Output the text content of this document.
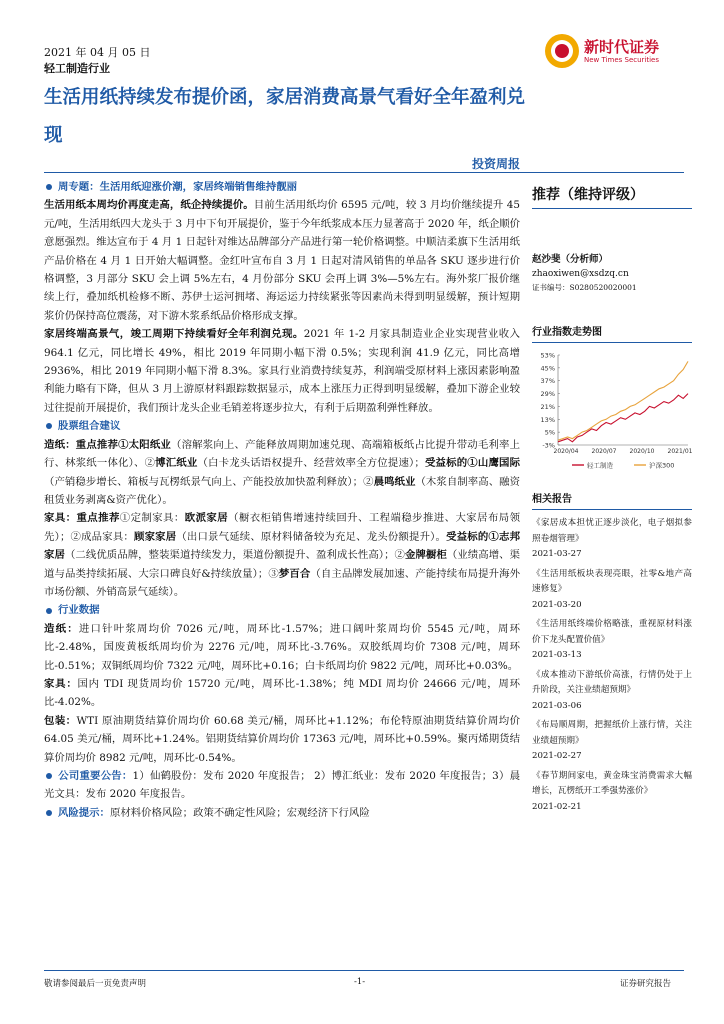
2021 年 04 月 05 日
轻工制造行业
新时代证券
New Times Securities
生活用纸持续发布提价函，家居消费高景气看好全年盈利兑现
投资周报
周专题： 生活用纸迎涨价潮，家居终端销售维持靓丽

生活用纸本周均价再度走高，纸企持续提价。目前生活用纸均价 6595 元/吨，较 3 月均价继续提升 45 元/吨，生活用纸四大龙头于 3 月中下旬开展提价，鉴于今年纸浆成本压力显著高于 2020 年，纸企顺价意愿强烈。维达宣布于 4 月 1 日起针对维达品牌部分产品进行第一轮价格调整。中顺洁柔旗下生活用纸产品价格在 4 月 1 日开始大幅调整。金红叶宣布自 3 月 1 日起对清风销售的单品各 SKU 逐步进行价格调整，3 月部分 SKU 会上调 5%左右，4 月份部分 SKU 会再上调 3%—5%左右。海外浆厂报价继续上行，叠加纸机检修不断、苏伊士运河拥堵、海运运力持续紧张等因素尚未得到明显缓解，预计短期浆价仍保持高位震荡，对下游木浆系纸品价格形成支撑。

家居终端高景气，竣工周期下持续看好全年利润兑现。2021 年 1-2 月家具制造业企业实现营业收入 964.1 亿元，同比增长 49%，相比 2019 年同期小幅下滑 0.5%；实现利润 41.9 亿元，同比高增 2936%，相比 2019 年同期小幅下滑 8.3%。家具行业消费持续复苏，利润端受原材料上涨因素影响盈利能力略有下降，但从 3 月上游原材料跟踪数据显示，成本上涨压力正得到明显缓解，叠加下游企业较过往提前开展提价，我们预计龙头企业毛销差将逐步拉大，有利于后期盈利弹性释放。

股票组合建议

造纸：重点推荐①太阳纸业（溶解浆向上、产能释放周期加速兑现、高端箱板纸占比提升带动毛利率上行、林浆纸一体化）、②博汇纸业（白卡龙头话语权提升、经营效率全方位提速）；受益标的①山鹰国际（产销稳步增长、箱板与瓦楞纸景气向上、产能投放加快盈利释放）；②晨鸣纸业（木浆自制率高、融资租赁业务剥离&资产优化）。

家具：重点推荐①定制家具：欧派家居（橱衣柜销售增速持续回升、工程端稳步推进、大家居布局领先）；②成品家具：顾家家居（出口景气延续、原材料储备较为充足、龙头份额提升）。受益标的①志邦家居（二线优质品牌，整装渠道持续发力，渠道份额提升、盈利成长性高）；②金牌橱柜（业绩高增、渠道与品类持续拓展、大宗口碑良好&持续放量）；③梦百合（自主品牌发展加速、产能持续布局提升海外市场份额、外销高景气延续）。

行业数据

造纸：进口针叶浆周均价 7026 元/吨，周环比-1.57%；进口阔叶浆周均价 5545 元/吨，周环比-2.48%，国废黄板纸周均价为 2276 元/吨，周环比-3.76%。双胶纸周均价 7308 元/吨，周环比-0.51%；双铜纸周均价 7322 元/吨，周环比+0.16；白卡纸周均价 9822 元/吨，周环比+0.03%。

家具：国内 TDI 现货周均价 15720 元/吨，周环比-1.38%；纯 MDI 周均价 24666 元/吨，周环比-4.02%。

包装：WTI 原油期货结算价周均价 60.68 美元/桶，周环比+1.12%；布伦特原油期货结算价周均价 64.05 美元/桶，周环比+1.24%。铝期货结算价周均价 17363 元/吨，周环比+0.59%。聚丙烯期货结算价周均价 8982 元/吨，周环比-0.54%。

公司重要公告：1）仙鹤股份：发布 2020 年度报告； 2）博汇纸业：发布 2020 年度报告；3）晨光文具：发布 2020 年度报告。

风险提示：原材料价格风险；政策不确定性风险；宏观经济下行风险

推荐（维持评级）
赵沙斐（分析师）
zhaoxiwen@xsdzq.cn
证书编号：S0280520020001
行业指数走势图
53%
45%
37%
29%
21%
13%
5%
-3%
2020/04 2020/07 2020/10 2021/01
轻工制造	沪深300
相关报告
《家居成本担忧正逐步淡化，电子烟拟参照卷烟管理》
2021-03-27
《生活用纸板块表现亮眼，社零&地产高速修复》
2021-03-20
《生活用纸终端价格略涨，重视原材料涨价下龙头配置价值》
2021-03-13
《成本推动下游纸价高涨，行情仍处于上升阶段，关注业绩超预期》
2021-03-06
《布局顺周期，把握纸价上涨行情，关注业绩超预期》
2021-02-27
《春节期间家电，黄金珠宝消费需求大幅增长，瓦楞纸开工季强势涨价》
2021-02-21
敬请参阅最后一页免责声明	-1-	证券研究报告
